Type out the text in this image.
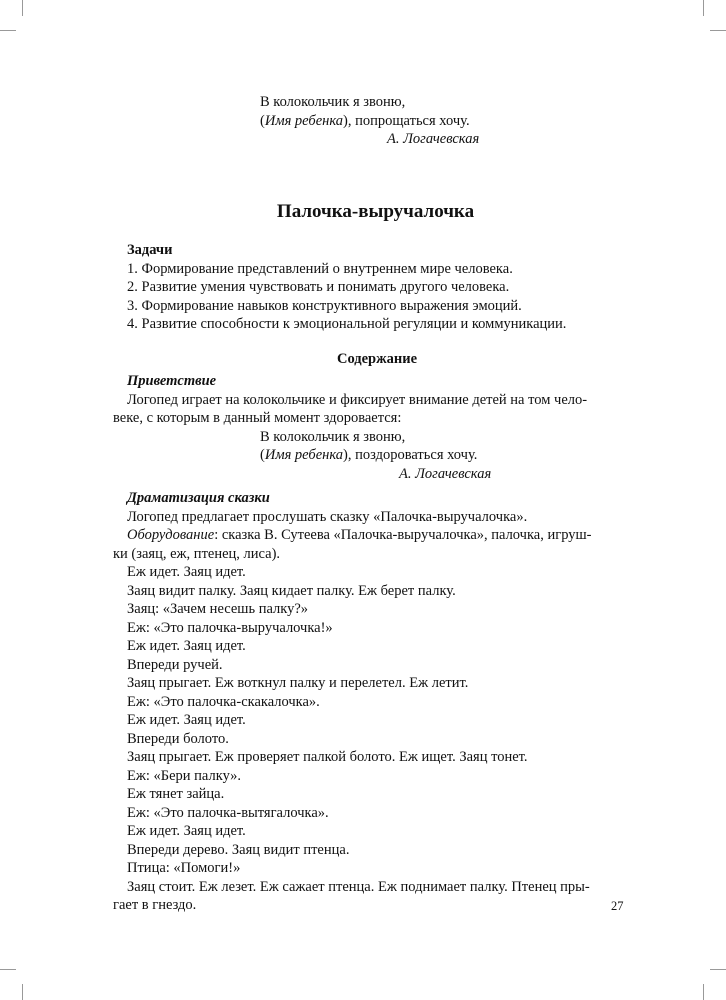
В колокольчик я звоню,

(Имя ребенка), попрощаться хочу.

А. Логачевская

Палочка-выручалочка

Задачи

1. Формирование представлений о внутреннем мире человека.

2. Развитие умения чувствовать и понимать другого человека.

3. Формирование навыков конструктивного выражения эмоций.

4. Развитие способности к эмоциональной регуляции и коммуникации.

Содержание

Приветствие

Логопед играет на колокольчике и фиксирует внимание детей на том чело-

веке, с которым в данный момент здоровается:

В колокольчик я звоню,

(Имя ребенка), поздороваться хочу.

А. Логачевская

Драматизация сказки

Логопед предлагает прослушать сказку «Палочка-выручалочка».

Оборудование: сказка В. Сутеева «Палочка-выручалочка», палочка, игруш-

ки (заяц, еж, птенец, лиса).

Еж идет. Заяц идет.

Заяц видит палку. Заяц кидает палку. Еж берет палку.

Заяц: «Зачем несешь палку?»

Еж: «Это палочка-выручалочка!»

Еж идет. Заяц идет.

Впереди ручей.

Заяц прыгает. Еж воткнул палку и перелетел. Еж летит.

Еж: «Это палочка-скакалочка».

Еж идет. Заяц идет.

Впереди болото.

Заяц прыгает. Еж проверяет палкой болото. Еж ищет. Заяц тонет.

Еж: «Бери палку».

Еж тянет зайца.

Еж: «Это палочка-вытягалочка».

Еж идет. Заяц идет.

Впереди дерево. Заяц видит птенца.

Птица: «Помоги!»

Заяц стоит. Еж лезет. Еж сажает птенца. Еж поднимает палку. Птенец пры-

гает в гнездо.	27
